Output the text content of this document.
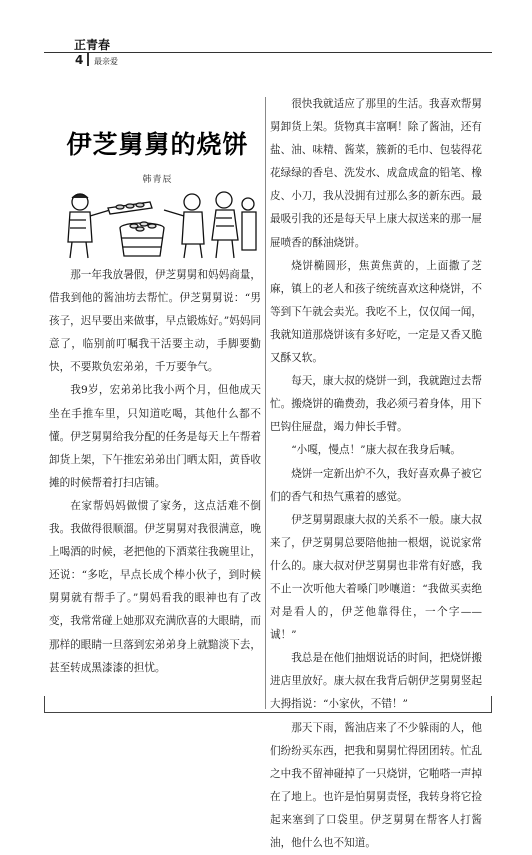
正青春
4 最亲爱
伊芝舅舅的烧饼
韩青辰

那一年我放暑假，伊芝舅舅和妈妈商量，借我到他的酱油坊去帮忙。伊芝舅舅说：“男孩子，迟早要出来做事，早点锻炼好。”妈妈同意了，临别前叮嘱我干活要主动，手脚要勤快，不要欺负宏弟弟，千万要争气。

我9岁，宏弟弟比我小两个月，但他成天坐在手推车里，只知道吃喝，其他什么都不懂。伊芝舅舅给我分配的任务是每天上午帮着卸货上架，下午推宏弟弟出门晒太阳，黄昏收摊的时候帮着打扫店铺。

在家帮妈妈做惯了家务，这点活难不倒我。我做得很顺溜。伊芝舅舅对我很满意，晚上喝酒的时候，老把他的下酒菜往我碗里让，还说：“多吃，早点长成个棒小伙子，到时候舅舅就有帮手了。”舅妈看我的眼神也有了改变，我常常碰上她那双充满欣喜的大眼睛，而那样的眼睛一旦落到宏弟弟身上就黯淡下去，甚至转成黑漆漆的担忧。

很快我就适应了那里的生活。我喜欢帮舅舅卸货上架。货物真丰富啊！除了酱油，还有盐、油、味精、酱菜，簇新的毛巾、包装得花花绿绿的香皂、洗发水、成盒成盒的铅笔、橡皮、小刀，我从没拥有过那么多的新东西。最最吸引我的还是每天早上康大叔送来的那一屉屉喷香的酥油烧饼。

烧饼椭圆形，焦黄焦黄的，上面撒了芝麻，镇上的老人和孩子统统喜欢这种烧饼，不等到下午就会卖光。我吃不上，仅仅闻一闻，我就知道那烧饼该有多好吃，一定是又香又脆又酥又软。

每天，康大叔的烧饼一到，我就跑过去帮忙。搬烧饼的确费劲，我必须弓着身体，用下巴钩住屉盘，竭力伸长手臂。

“小嘎，慢点！”康大叔在我身后喊。

烧饼一定新出炉不久，我好喜欢鼻子被它们的香气和热气熏着的感觉。

伊芝舅舅跟康大叔的关系不一般。康大叔来了，伊芝舅舅总要陪他抽一根烟，说说家常什么的。康大叔对伊芝舅舅也非常有好感，我不止一次听他大着嗓门吵嚷道：“我做买卖绝对是看人的，伊芝他靠得住，一个字——诚！”

我总是在他们抽烟说话的时间，把烧饼搬进店里放好。康大叔在我背后朝伊芝舅舅竖起大拇指说：“小家伙，不错！”

那天下雨，酱油店来了不少躲雨的人，他们纷纷买东西，把我和舅舅忙得团团转。忙乱之中我不留神碰掉了一只烧饼，它啪嗒一声掉在了地上。也许是怕舅舅责怪，我转身将它捡起来塞到了口袋里。伊芝舅舅在帮客人打酱油，他什么也不知道。
